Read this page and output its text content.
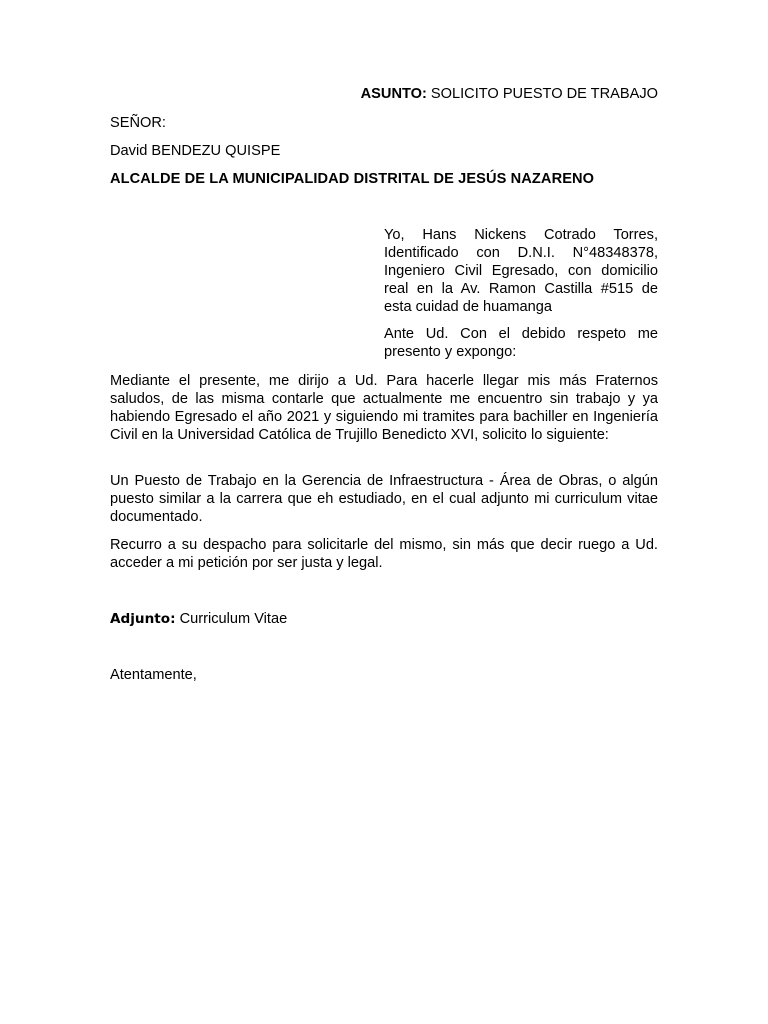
ASUNTO: SOLICITO PUESTO DE TRABAJO
SEÑOR:
David BENDEZU QUISPE
ALCALDE DE LA MUNICIPALIDAD DISTRITAL DE JESÚS NAZARENO
Yo, Hans Nickens Cotrado Torres, Identificado con D.N.I. N°48348378, Ingeniero Civil Egresado, con domicilio real en la Av. Ramon Castilla #515 de esta cuidad de huamanga
Ante Ud. Con el debido respeto me presento y expongo:
Mediante el presente, me dirijo a Ud. Para hacerle llegar mis más Fraternos saludos, de las misma contarle que actualmente me encuentro sin trabajo y ya habiendo Egresado el año 2021 y siguiendo mi tramites para bachiller en Ingeniería Civil en la Universidad Católica de Trujillo Benedicto XVI, solicito lo siguiente:
Un Puesto de Trabajo en la Gerencia de Infraestructura - Área de Obras, o algún puesto similar a la carrera que eh estudiado, en el cual adjunto mi curriculum vitae documentado.
Recurro a su despacho para solicitarle del mismo, sin más que decir ruego a Ud. acceder a mi petición por ser justa y legal.
Adjunto: Curriculum Vitae
Atentamente,
